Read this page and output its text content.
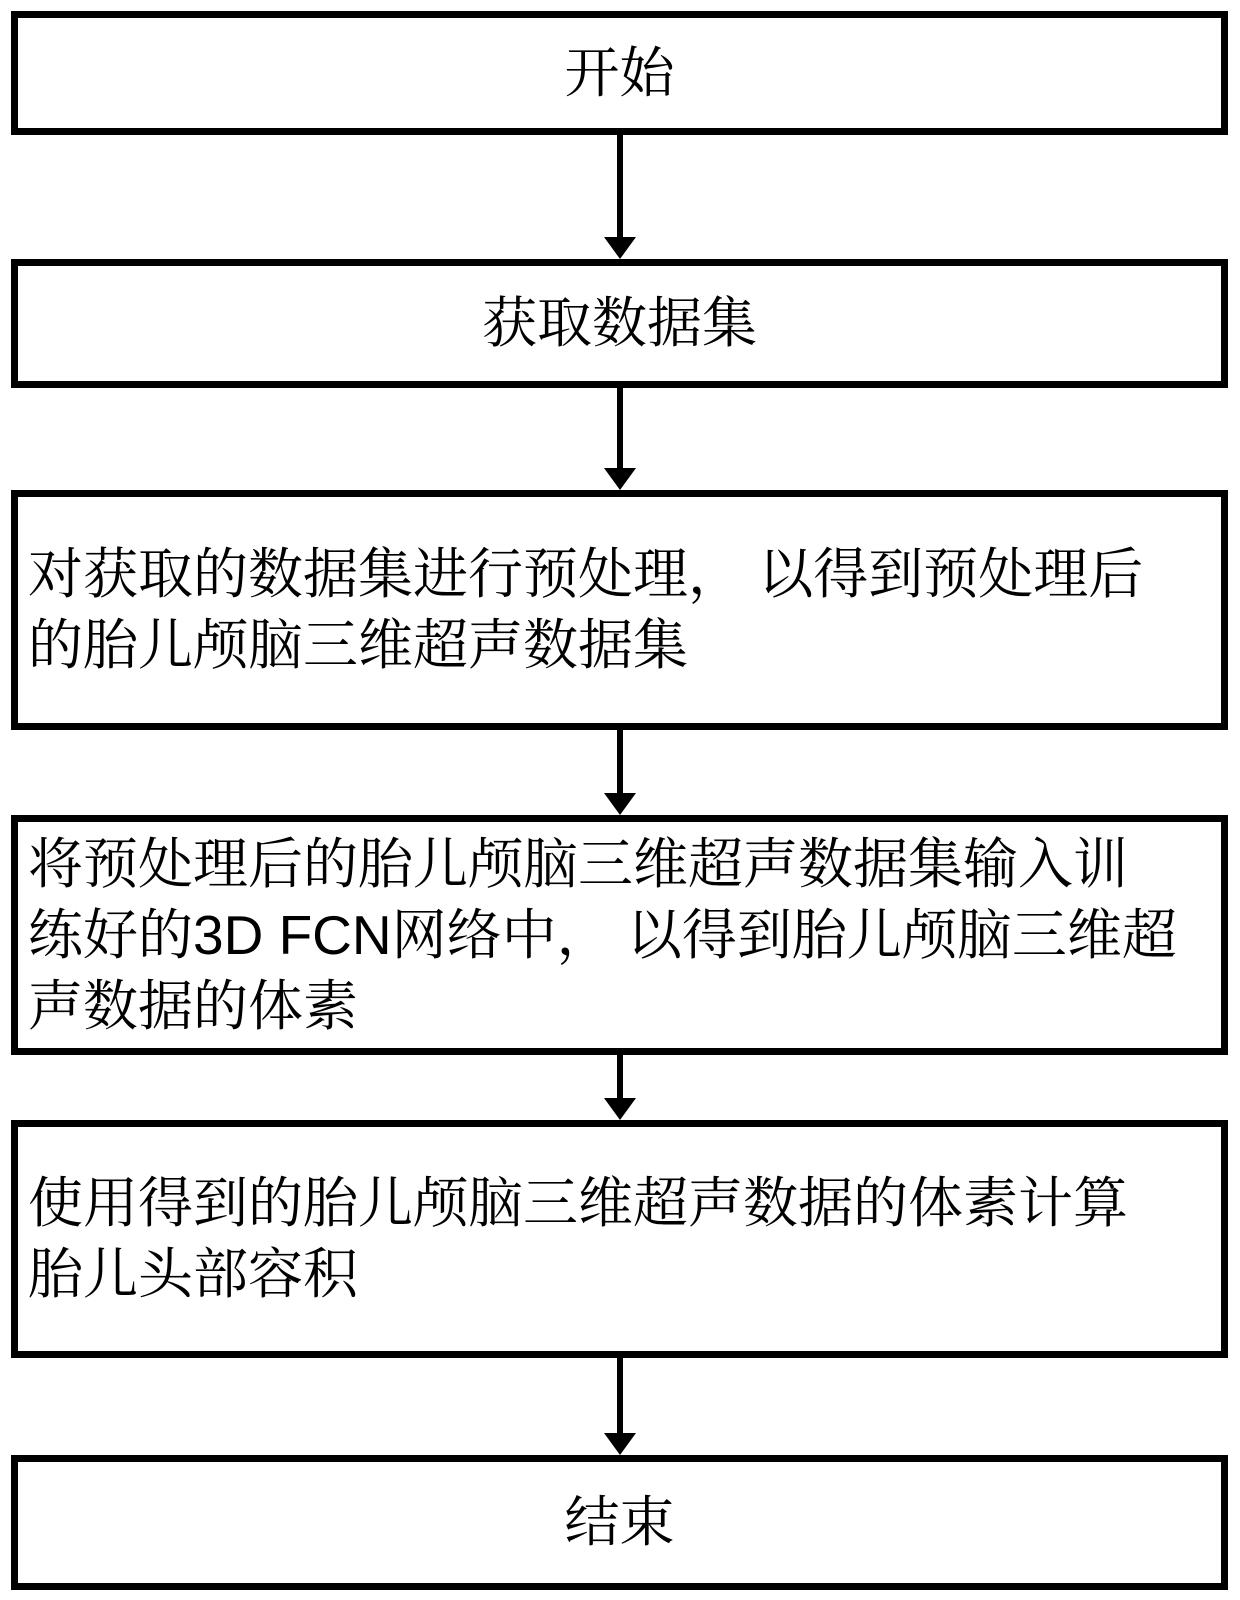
开始
获取数据集
对获取的数据集进行预处理， 以得到预处理后
的胎儿颅脑三维超声数据集
将预处理后的胎儿颅脑三维超声数据集输入训
练好的3D FCN网络中， 以得到胎儿颅脑三维超
声数据的体素
使用得到的胎儿颅脑三维超声数据的体素计算
胎儿头部容积
结束
